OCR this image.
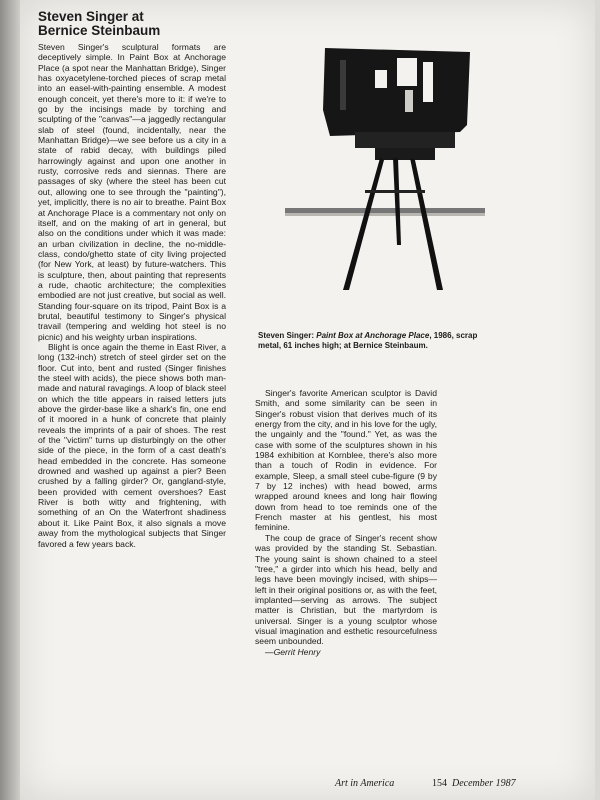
Steven Singer at
Bernice Steinbaum

Steven Singer's sculptural formats are deceptively simple. In Paint Box at Anchorage Place (a spot near the Manhattan Bridge), Singer has oxyacetylene-torched pieces of scrap metal into an easel-with-painting ensemble. A modest enough conceit, yet there's more to it: if we're to go by the incisings made by torching and sculpting of the "canvas"—a jaggedly rectangular slab of steel (found, incidentally, near the Manhattan Bridge)—we see before us a city in a state of rabid decay, with buildings piled harrowingly against and upon one another in rusty, corrosive reds and siennas. There are passages of sky (where the steel has been cut out, allowing one to see through the "painting"), yet, implicitly, there is no air to breathe. Paint Box at Anchorage Place is a commentary not only on itself, and on the making of art in general, but also on the conditions under which it was made: an urban civilization in decline, the no-middle-class, condo/ghetto state of city living projected (for New York, at least) by future-watchers. This is sculpture, then, about painting that represents a rude, chaotic architecture; the complexities embodied are not just creative, but social as well. Standing four-square on its tripod, Paint Box is a brutal, beautiful testimony to Singer's physical travail (tempering and welding hot steel is no picnic) and his weighty urban inspirations.

Blight is once again the theme in East River, a long (132-inch) stretch of steel girder set on the floor. Cut into, bent and rusted (Singer finishes the steel with acids), the piece shows both man-made and natural ravagings. A loop of black steel on which the title appears in raised letters juts above the girder-base like a shark's fin, one end of it moored in a hunk of concrete that plainly reveals the imprints of a pair of shoes. The rest of the "victim" turns up disturbingly on the other side of the piece, in the form of a cast death's head embedded in the concrete. Has someone drowned and washed up against a pier? Been crushed by a falling girder? Or, gangland-style, been provided with cement overshoes? East River is both witty and frightening, with something of an On the Waterfront shadiness about it. Like Paint Box, it also signals a move away from the mythological subjects that Singer favored a few years back.

Steven Singer: Paint Box at Anchorage Place, 1986, scrap metal, 61 inches high; at Bernice Steinbaum.

Singer's favorite American sculptor is David Smith, and some similarity can be seen in Singer's robust vision that derives much of its energy from the city, and in his love for the ugly, the ungainly and the "found." Yet, as was the case with some of the sculptures shown in his 1984 exhibition at Kornblee, there's also more than a touch of Rodin in evidence. For example, Sleep, a small steel cube-figure (9 by 7 by 12 inches) with head bowed, arms wrapped around knees and long hair flowing down from head to toe reminds one of the French master at his gentlest, his most feminine.

The coup de grace of Singer's recent show was provided by the standing St. Sebastian. The young saint is shown chained to a steel "tree," a girder into which his head, belly and legs have been movingly incised, with ships—left in their original positions or, as with the feet, implanted—serving as arrows. The subject matter is Christian, but the martyrdom is universal. Singer is a young sculptor whose visual imagination and esthetic resourcefulness seem unbounded.

—Gerrit Henry

Art in America	154 December 1987
